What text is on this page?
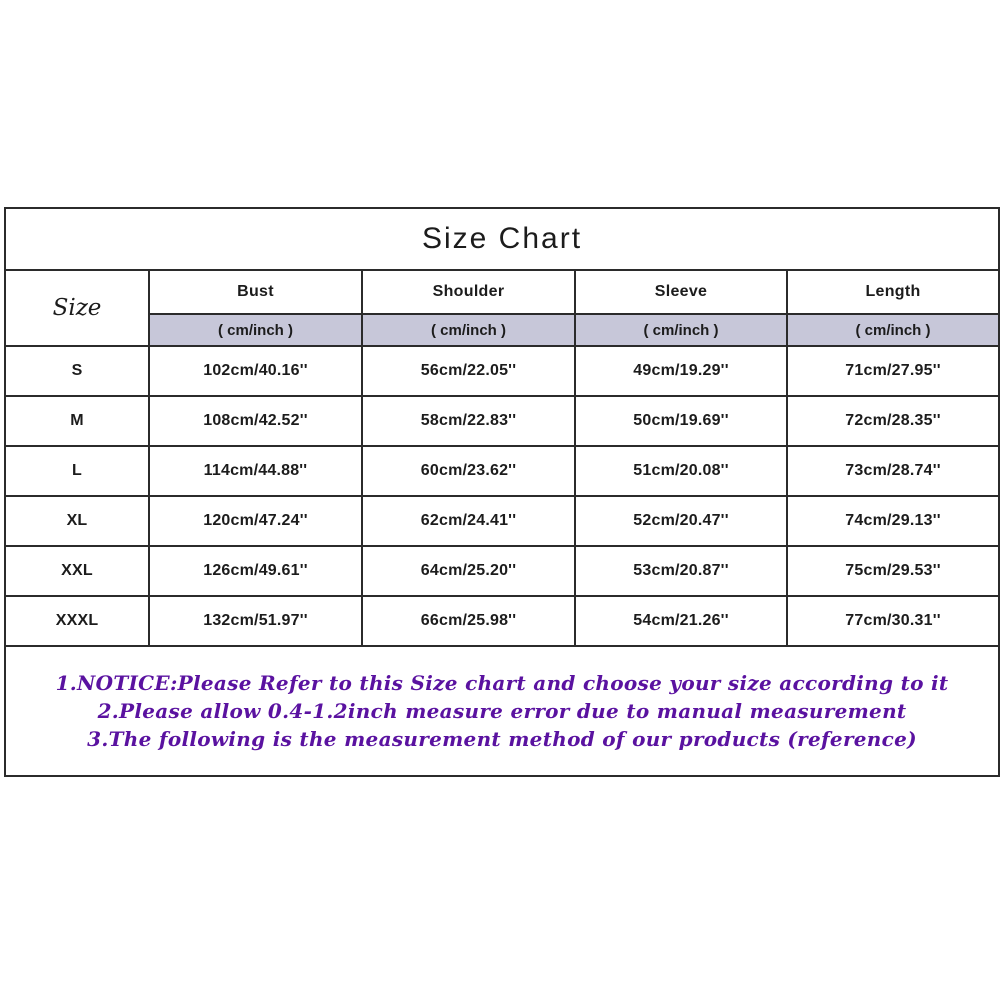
Size Chart				
Size	Bust	Shoulder	Sleeve	Length
	( cm/inch )	( cm/inch )	( cm/inch )	( cm/inch )
S	102cm/40.16''	56cm/22.05''	49cm/19.29''	71cm/27.95''
M	108cm/42.52''	58cm/22.83''	50cm/19.69''	72cm/28.35''
L	114cm/44.88''	60cm/23.62''	51cm/20.08''	73cm/28.74''
XL	120cm/47.24''	62cm/24.41''	52cm/20.47''	74cm/29.13''
XXL	126cm/49.61''	64cm/25.20''	53cm/20.87''	75cm/29.53''
XXXL	132cm/51.97''	66cm/25.98''	54cm/21.26''	77cm/30.31''

1.NOTICE:Please Refer to this Size chart and choose your size according to it
2.Please allow 0.4-1.2inch measure error due to manual measurement
3.The following is the measurement method of our products (reference)				
